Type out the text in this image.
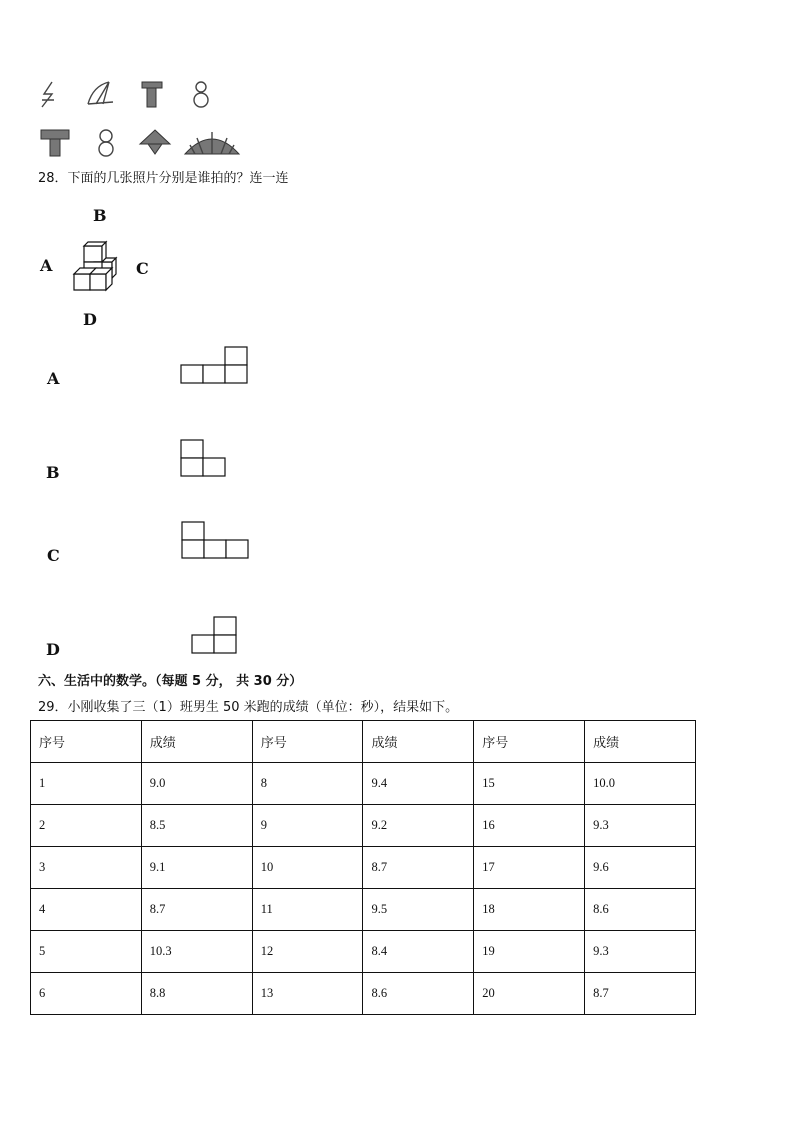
28．下面的几张照片分别是谁拍的？连一连
B
A	C
D
A
B
C
D
六、生活中的数学。（每题 5 分， 共 30 分）
29．小刚收集了三（1）班男生 50 米跑的成绩（单位：秒），结果如下。
序号	成绩	序号	成绩	序号	成绩
1	9.0	8	9.4	15	10.0
2	8.5	9	9.2	16	9.3
3	9.1	10	8.7	17	9.6
4	8.7	11	9.5	18	8.6
5	10.3	12	8.4	19	9.3
6	8.8	13	8.6	20	8.7
